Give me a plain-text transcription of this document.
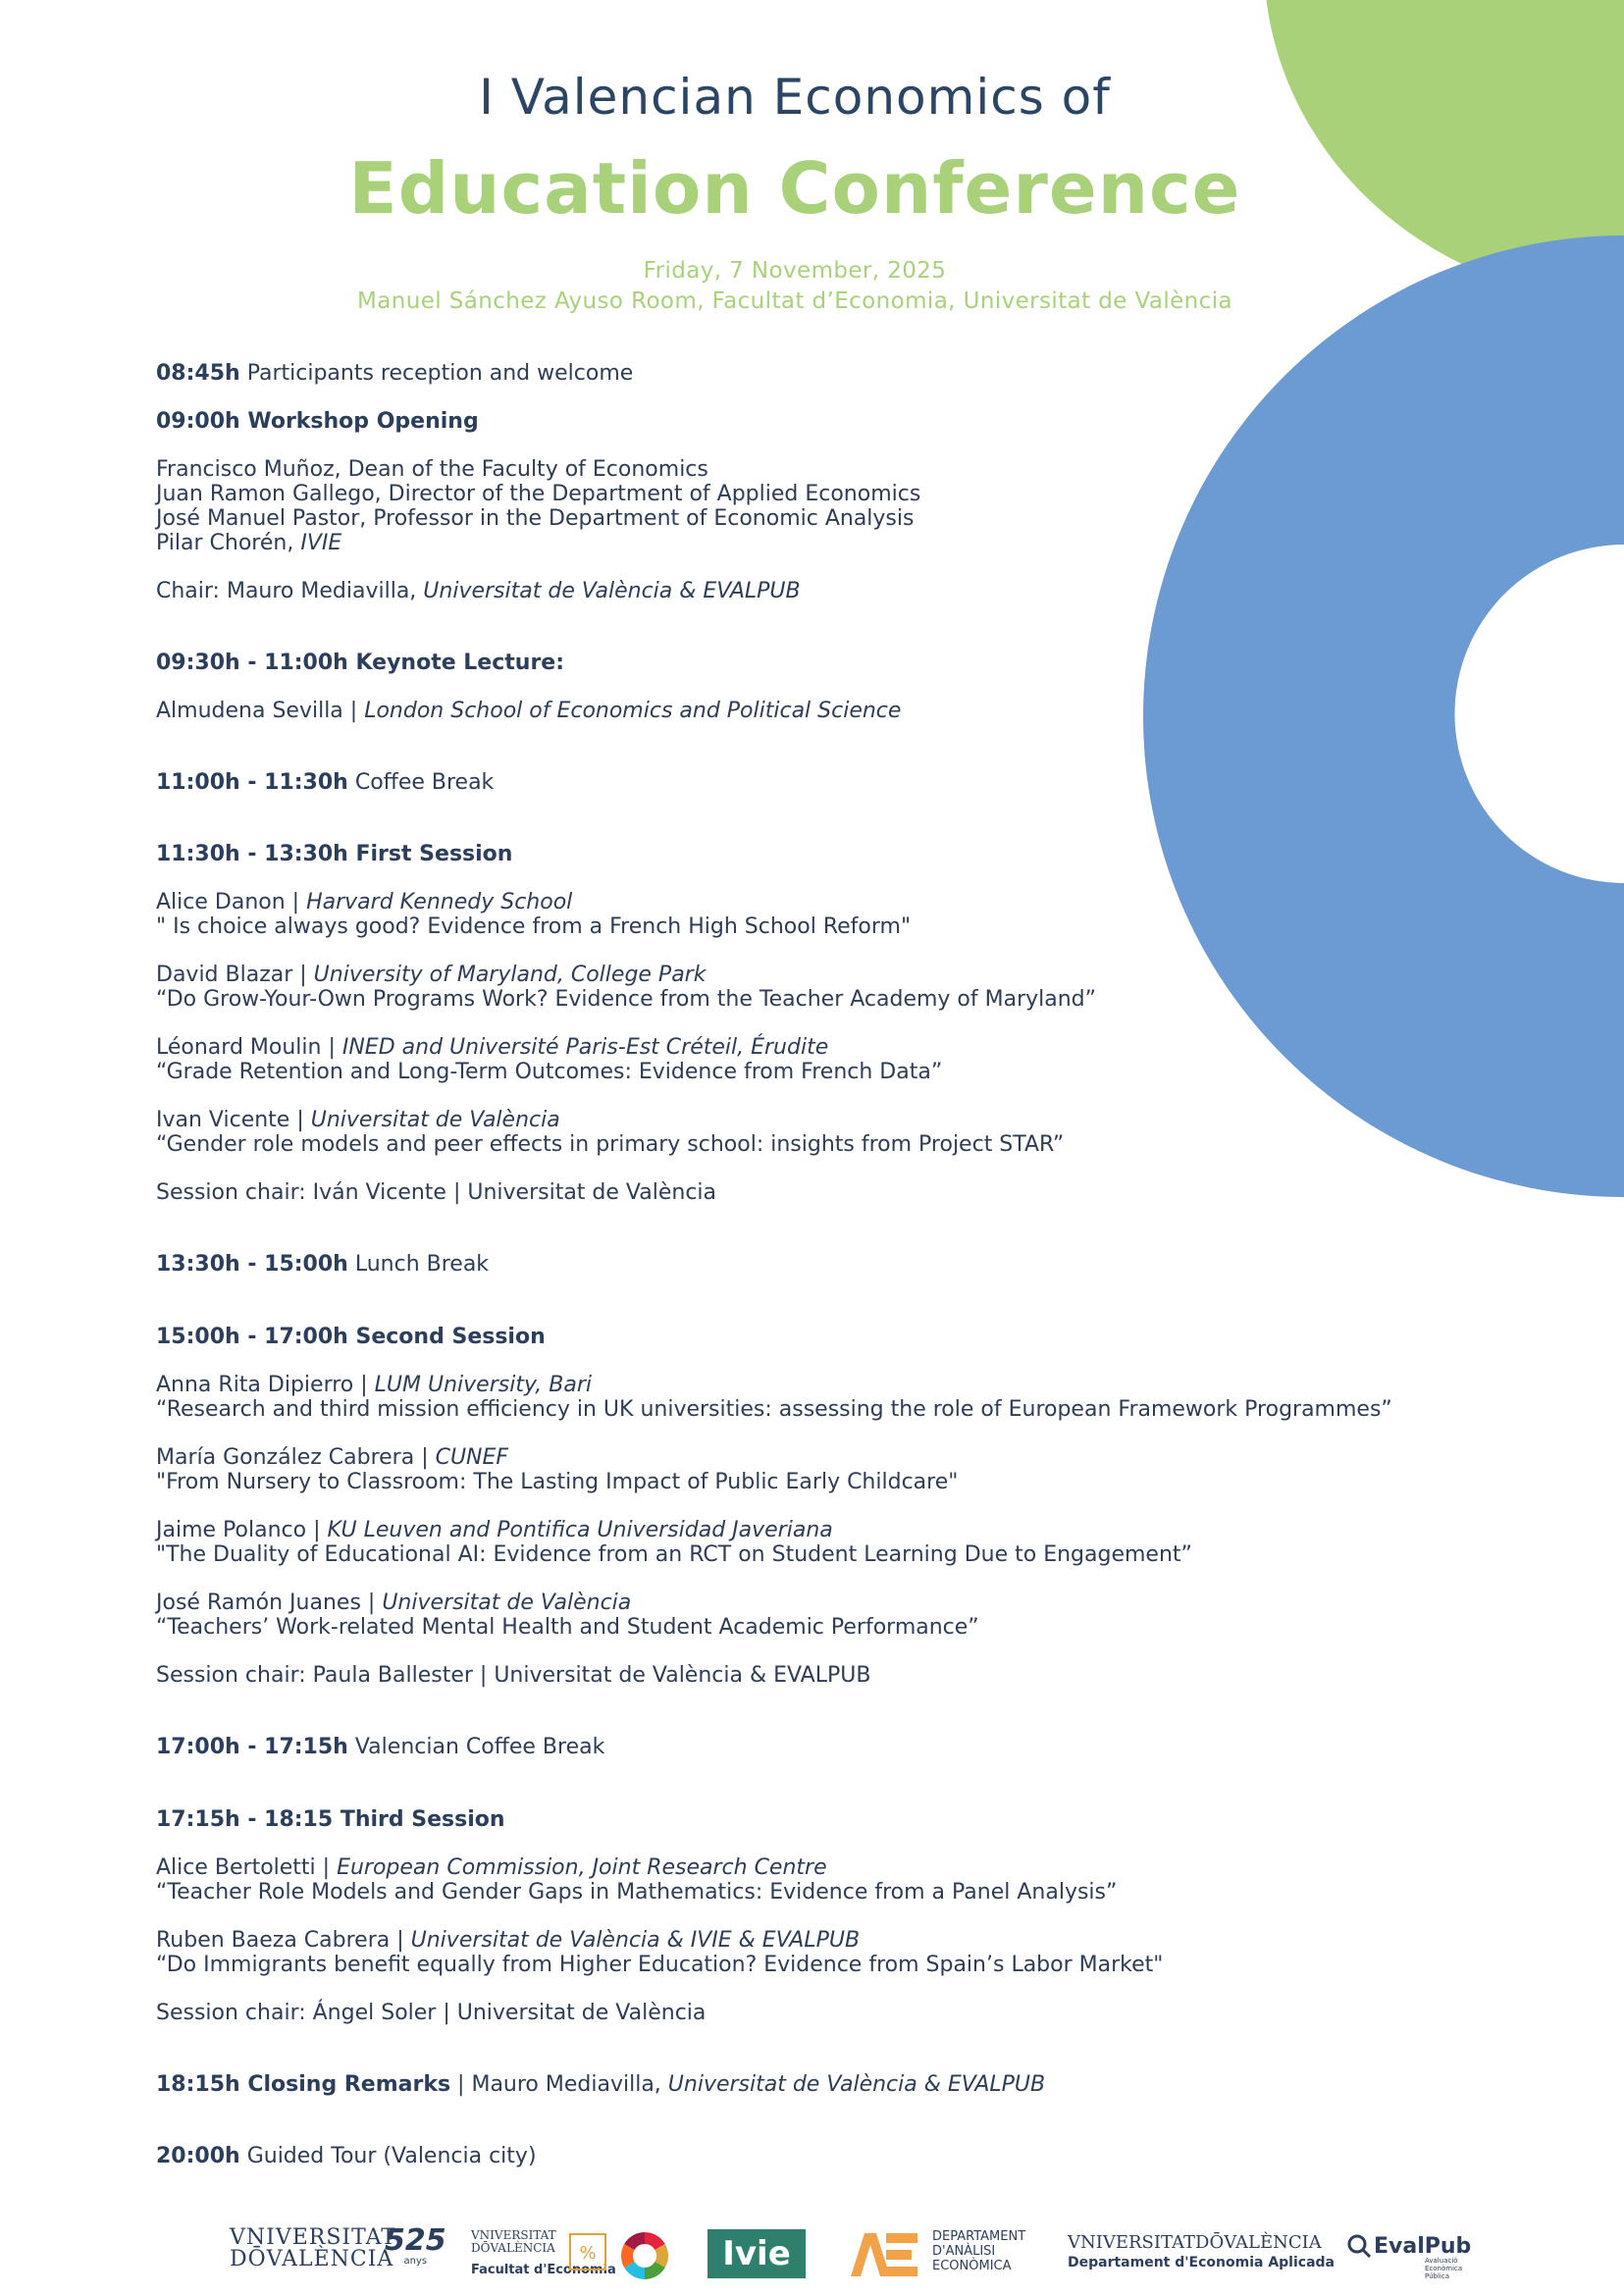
I Valencian Economics of
Education Conference
Friday, 7 November, 2025
Manuel Sánchez Ayuso Room, Facultat d’Economia, Universitat de València
08:45h Participants reception and welcome
09:00h Workshop Opening
Francisco Muñoz, Dean of the Faculty of Economics
Juan Ramon Gallego, Director of the Department of Applied Economics
José Manuel Pastor, Professor in the Department of Economic Analysis
Pilar Chorén, IVIE
Chair: Mauro Mediavilla, Universitat de València & EVALPUB
09:30h - 11:00h Keynote Lecture:
Almudena Sevilla | London School of Economics and Political Science
11:00h - 11:30h Coffee Break
11:30h - 13:30h First Session
Alice Danon | Harvard Kennedy School
" Is choice always good? Evidence from a French High School Reform"
David Blazar | University of Maryland, College Park
“Do Grow-Your-Own Programs Work? Evidence from the Teacher Academy of Maryland”
Léonard Moulin | INED and Université Paris-Est Créteil, Érudite
“Grade Retention and Long-Term Outcomes: Evidence from French Data”
Ivan Vicente | Universitat de València
“Gender role models and peer effects in primary school: insights from Project STAR”
Session chair: Iván Vicente | Universitat de València
13:30h - 15:00h Lunch Break
15:00h - 17:00h Second Session
Anna Rita Dipierro | LUM University, Bari
“Research and third mission efficiency in UK universities: assessing the role of European Framework Programmes”
María González Cabrera | CUNEF
"From Nursery to Classroom: The Lasting Impact of Public Early Childcare"
Jaime Polanco | KU Leuven and Pontifica Universidad Javeriana
"The Duality of Educational AI: Evidence from an RCT on Student Learning Due to Engagement”
José Ramón Juanes | Universitat de València
“Teachers’ Work-related Mental Health and Student Academic Performance”
Session chair: Paula Ballester | Universitat de València & EVALPUB
17:00h - 17:15h Valencian Coffee Break
17:15h - 18:15 Third Session
Alice Bertoletti | European Commission, Joint Research Centre
“Teacher Role Models and Gender Gaps in Mathematics: Evidence from a Panel Analysis”
Ruben Baeza Cabrera | Universitat de València & IVIE & EVALPUB
“Do Immigrants benefit equally from Higher Education? Evidence from Spain’s Labor Market"
Session chair: Ángel Soler | Universitat de València
18:15h Closing Remarks | Mauro Mediavilla, Universitat de València & EVALPUB
20:00h Guided Tour (Valencia city)
VNIVERSITAT
DŌVALÈNCIA
525
anys
VNIVERSITAT
DŌVALÈNCIA
Facultat d'Economia
%	Ivie	DEPARTAMENT
D'ANÀLISI
ECONÒMICA
VNIVERSITATDŌVALÈNCIA
Departament d'Economia Aplicada
EvalPub
Avaluació
Econòmica
Pública
